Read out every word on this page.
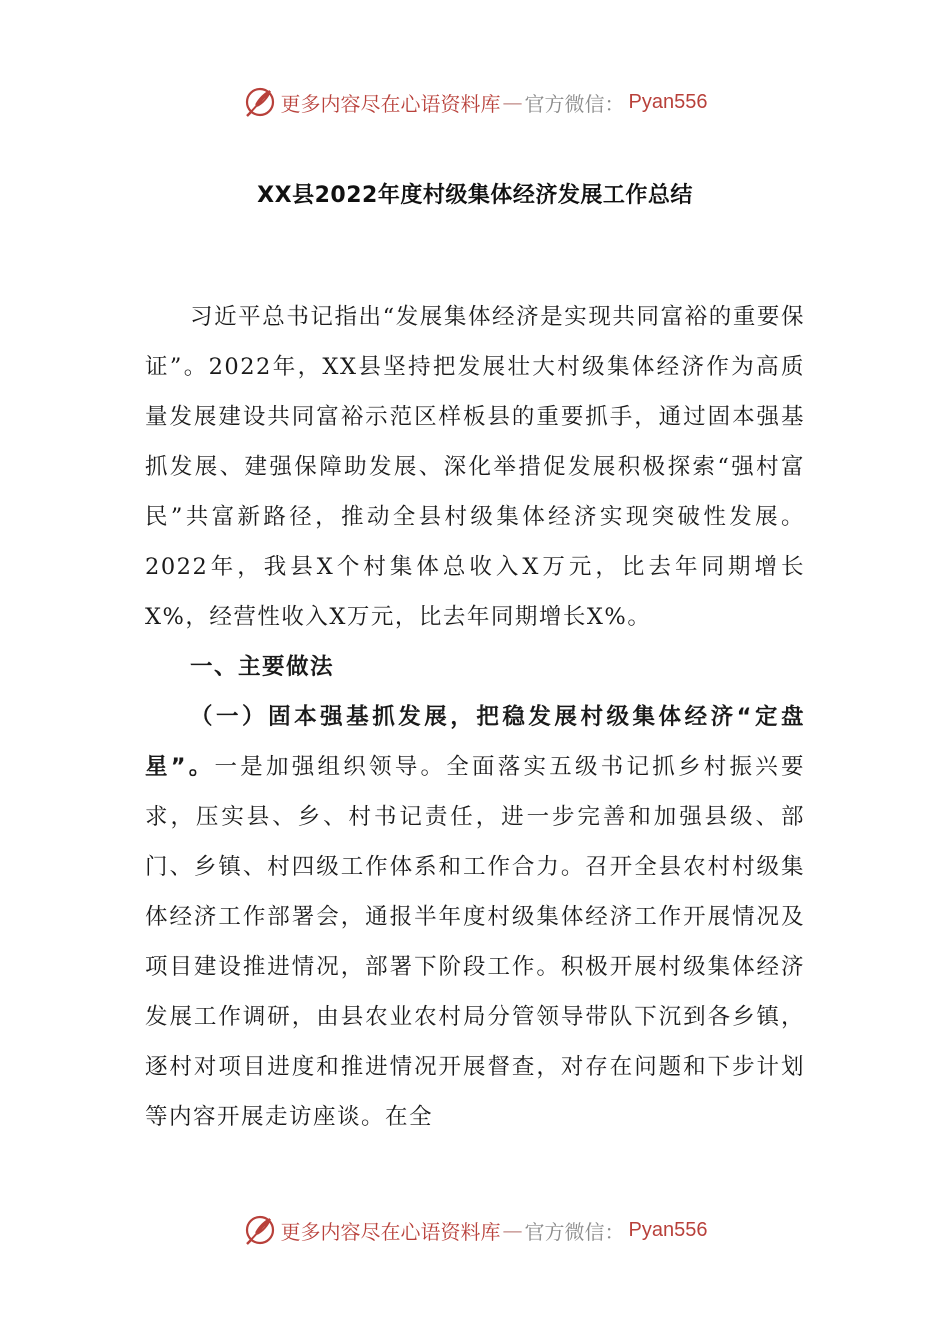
更多内容尽在心语资料库 — 官方微信： Pyan556
XX县2022年度村级集体经济发展工作总结

习近平总书记指出“发展集体经济是实现共同富裕的重要保证”。2022年，XX县坚持把发展壮大村级集体经济作为高质量发展建设共同富裕示范区样板县的重要抓手，通过固本强基抓发展、建强保障助发展、深化举措促发展积极探索“强村富民”共富新路径，推动全县村级集体经济实现突破性发展。2022年，我县X个村集体总收入X万元，比去年同期增长X%，经营性收入X万元，比去年同期增长X%。

一、主要做法

（一）固本强基抓发展，把稳发展村级集体经济“定盘星”。一是加强组织领导。全面落实五级书记抓乡村振兴要求，压实县、乡、村书记责任，进一步完善和加强县级、部门、乡镇、村四级工作体系和工作合力。召开全县农村村级集体经济工作部署会，通报半年度村级集体经济工作开展情况及项目建设推进情况，部署下阶段工作。积极开展村级集体经济发展工作调研，由县农业农村局分管领导带队下沉到各乡镇，逐村对项目进度和推进情况开展督查，对存在问题和下步计划等内容开展走访座谈。在全

更多内容尽在心语资料库 — 官方微信： Pyan556
